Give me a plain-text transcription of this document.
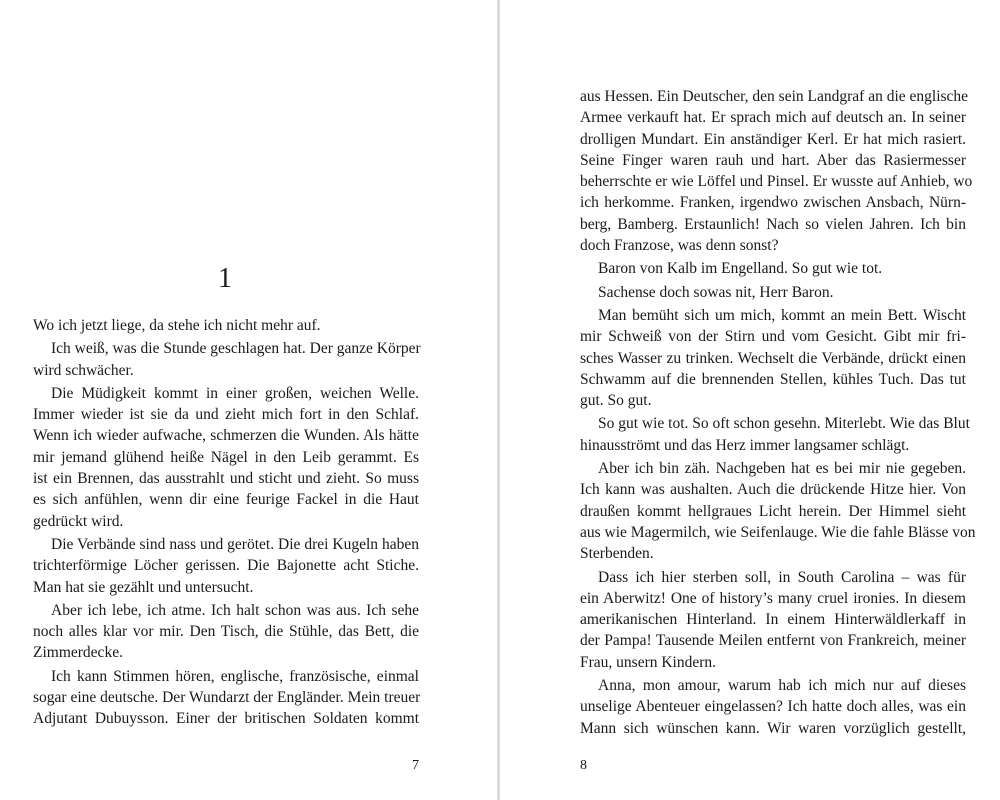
1
Wo ich jetzt liege, da stehe ich nicht mehr auf.
Ich weiß, was die Stunde geschlagen hat. Der ganze Körper
wird schwächer.
Die Müdigkeit kommt in einer großen, weichen Welle.
Immer wieder ist sie da und zieht mich fort in den Schlaf.
Wenn ich wieder aufwache, schmerzen die Wunden. Als hätte
mir jemand glühend heiße Nägel in den Leib gerammt. Es
ist ein Brennen, das ausstrahlt und sticht und zieht. So muss
es sich anfühlen, wenn dir eine feurige Fackel in die Haut
gedrückt wird.
Die Verbände sind nass und gerötet. Die drei Kugeln haben
trichterförmige Löcher gerissen. Die Bajonette acht Stiche.
Man hat sie gezählt und untersucht.
Aber ich lebe, ich atme. Ich halt schon was aus. Ich sehe
noch alles klar vor mir. Den Tisch, die Stühle, das Bett, die
Zimmerdecke.
Ich kann Stimmen hören, englische, französische, einmal
sogar eine deutsche. Der Wundarzt der Engländer. Mein treuer
Adjutant Dubuysson. Einer der britischen Soldaten kommt
7
aus Hessen. Ein Deutscher, den sein Landgraf an die englische
Armee verkauft hat. Er sprach mich auf deutsch an. In seiner
drolligen Mundart. Ein anständiger Kerl. Er hat mich rasiert.
Seine Finger waren rauh und hart. Aber das Rasiermesser
beherrschte er wie Löffel und Pinsel. Er wusste auf Anhieb, wo
ich herkomme. Franken, irgendwo zwischen Ansbach, Nürn-
berg, Bamberg. Erstaunlich! Nach so vielen Jahren. Ich bin
doch Franzose, was denn sonst?
Baron von Kalb im Engelland. So gut wie tot.
Sachense doch sowas nit, Herr Baron.
Man bemüht sich um mich, kommt an mein Bett. Wischt
mir Schweiß von der Stirn und vom Gesicht. Gibt mir fri-
sches Wasser zu trinken. Wechselt die Verbände, drückt einen
Schwamm auf die brennenden Stellen, kühles Tuch. Das tut
gut. So gut.
So gut wie tot. So oft schon gesehn. Miterlebt. Wie das Blut
hinausströmt und das Herz immer langsamer schlägt.
Aber ich bin zäh. Nachgeben hat es bei mir nie gegeben.
Ich kann was aushalten. Auch die drückende Hitze hier. Von
draußen kommt hellgraues Licht herein. Der Himmel sieht
aus wie Magermilch, wie Seifenlauge. Wie die fahle Blässe von
Sterbenden.
Dass ich hier sterben soll, in South Carolina – was für
ein Aberwitz! One of history’s many cruel ironies. In diesem
amerikanischen Hinterland. In einem Hinterwäldlerkaff in
der Pampa! Tausende Meilen entfernt von Frankreich, meiner
Frau, unsern Kindern.
Anna, mon amour, warum hab ich mich nur auf dieses
unselige Abenteuer eingelassen? Ich hatte doch alles, was ein
Mann sich wünschen kann. Wir waren vorzüglich gestellt,
8
